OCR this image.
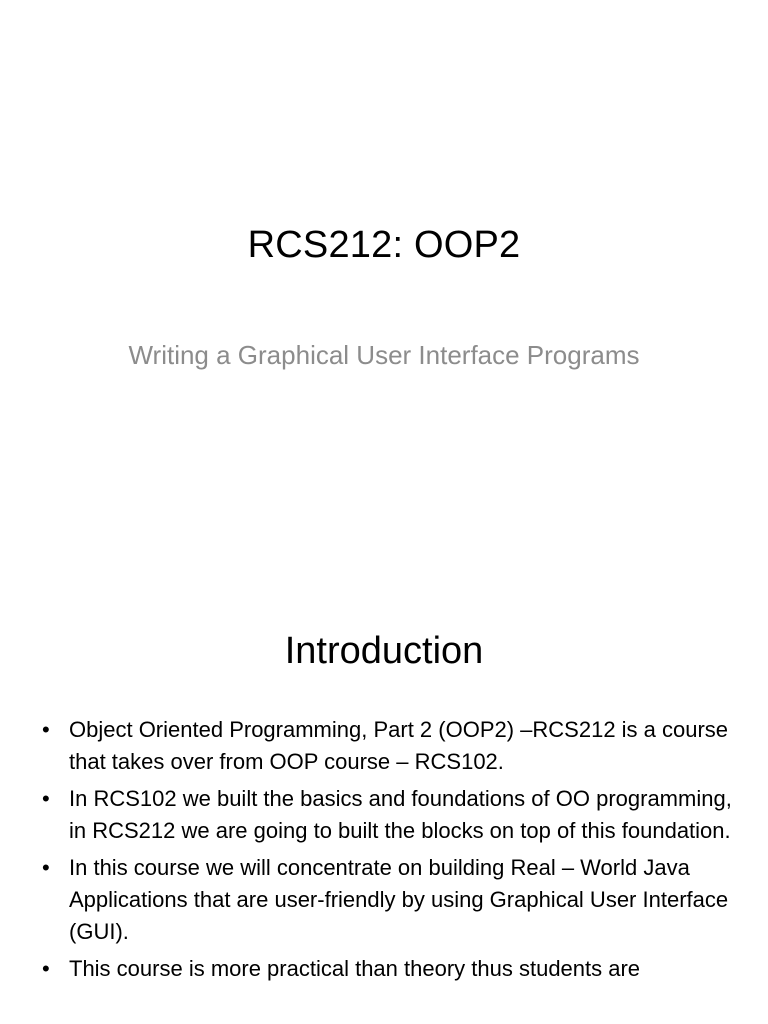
RCS212: OOP2
Writing a Graphical User Interface Programs
Introduction
• Object Oriented Programming, Part 2 (OOP2) –RCS212 is a course that takes over from OOP course – RCS102.
• In RCS102 we built the basics and foundations of OO programming, in RCS212 we are going to built the blocks on top of this foundation.
• In this course we will concentrate on building Real – World Java Applications that are user-friendly by using Graphical User Interface (GUI).
• This course is more practical than theory thus students are
